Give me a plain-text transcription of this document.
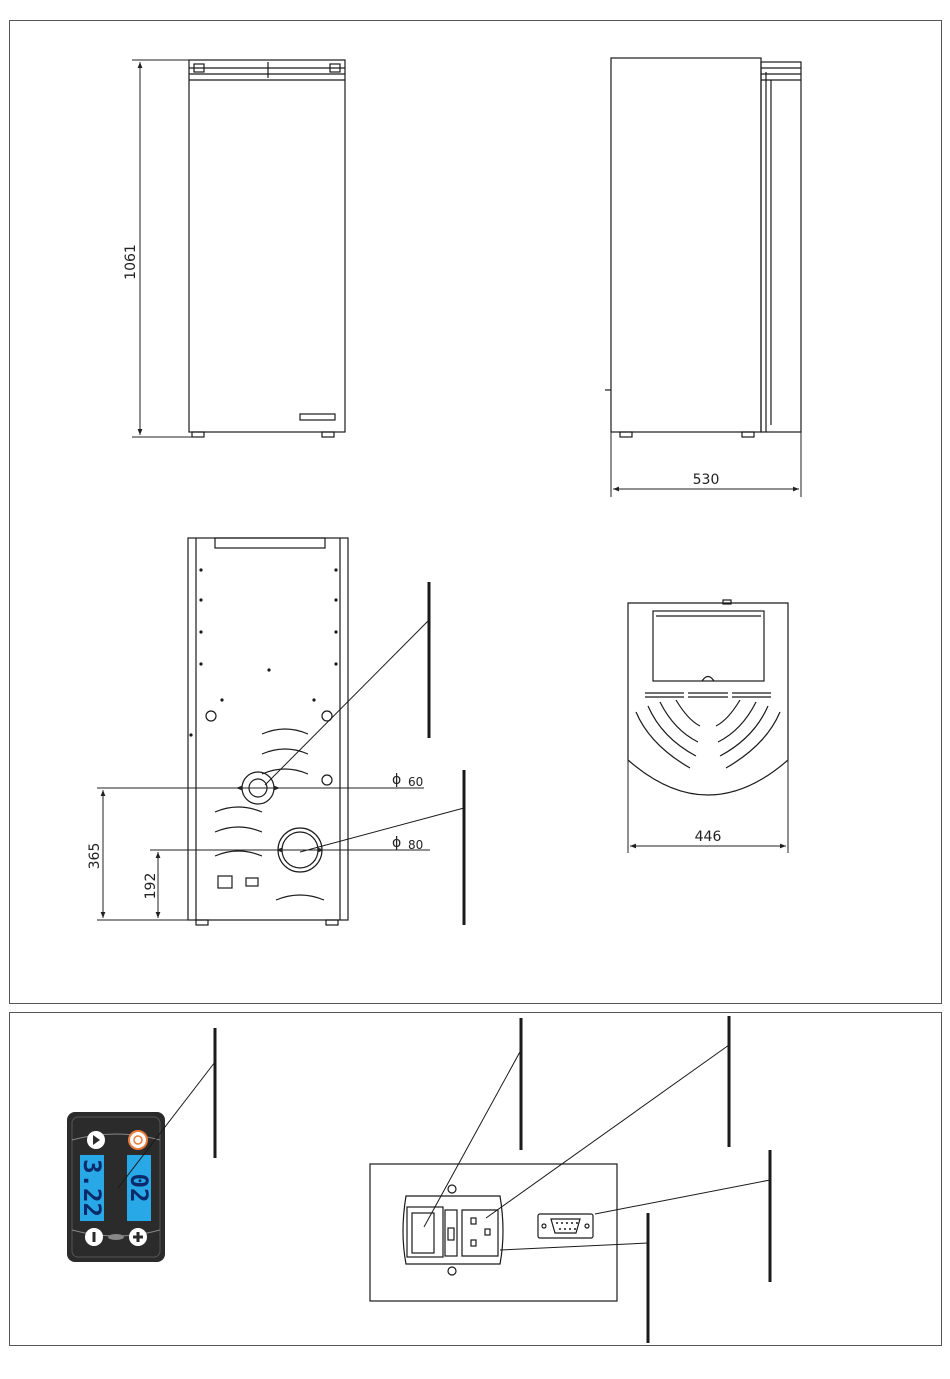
1061
530
ϕ 60
ϕ 80
365
192
446
3.22 02
